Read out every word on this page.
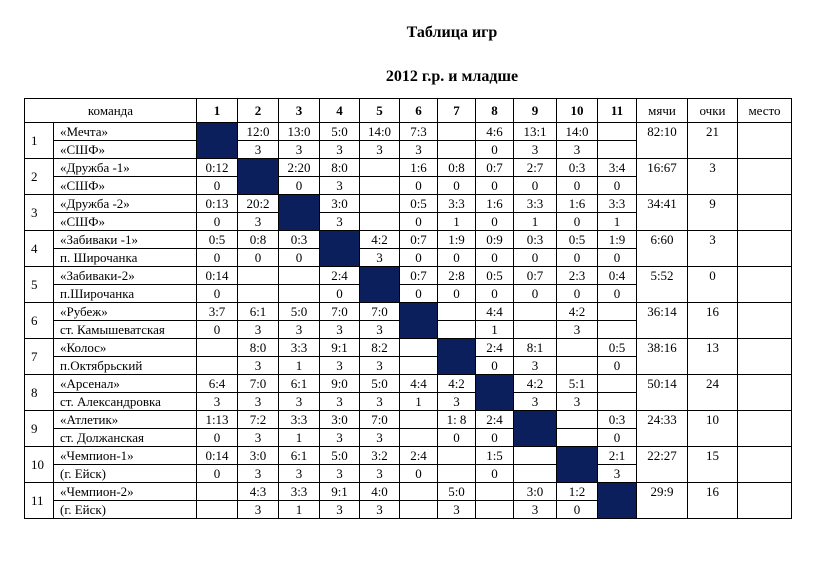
Таблица игр
2012 г.р. и младше
команда		1	2	3	4	5	6	7	8	9	10	11	мячи	очки	место
1	«Мечта»		12:0	13:0	5:0	14:0	7:3		4:6	13:1	14:0		82:10	21	
	«СШФ»		3	3	3	3	3		0	3	3				
2	«Дружба -1»	0:12		2:20	8:0		1:6	0:8	0:7	2:7	0:3	3:4	16:67	3	
	«СШФ»	0		0	3		0	0	0	0	0	0			
3	«Дружба -2»	0:13	20:2		3:0		0:5	3:3	1:6	3:3	1:6	3:3	34:41	9	
	«СШФ»	0	3		3		0	1	0	1	0	1			
4	«Забиваки -1»	0:5	0:8	0:3		4:2	0:7	1:9	0:9	0:3	0:5	1:9	6:60	3	
	п. Широчанка	0	0	0		3	0	0	0	0	0	0			
5	«Забиваки-2»	0:14			2:4		0:7	2:8	0:5	0:7	2:3	0:4	5:52	0	
	п.Широчанка	0			0		0	0	0	0	0	0			
6	«Рубеж»	3:7	6:1	5:0	7:0	7:0			4:4		4:2		36:14	16	
	ст. Камышеватская	0	3	3	3	3			1		3				
7	«Колос»		8:0	3:3	9:1	8:2			2:4	8:1		0:5	38:16	13	
	п.Октябрьский		3	1	3	3			0	3		0			
8	«Арсенал»	6:4	7:0	6:1	9:0	5:0	4:4	4:2		4:2	5:1		50:14	24	
	ст. Александровка	3	3	3	3	3	1	3		3	3				
9	«Атлетик»	1:13	7:2	3:3	3:0	7:0		1: 8	2:4			0:3	24:33	10	
	ст. Должанская	0	3	1	3	3		0	0			0			
10	«Чемпион-1»	0:14	3:0	6:1	5:0	3:2	2:4		1:5			2:1	22:27	15	
	(г. Ейск)	0	3	3	3	3	0		0			3			
11	«Чемпион-2»		4:3	3:3	9:1	4:0		5:0		3:0	1:2		29:9	16	
	(г. Ейск)		3	1	3	3		3		3	0				
